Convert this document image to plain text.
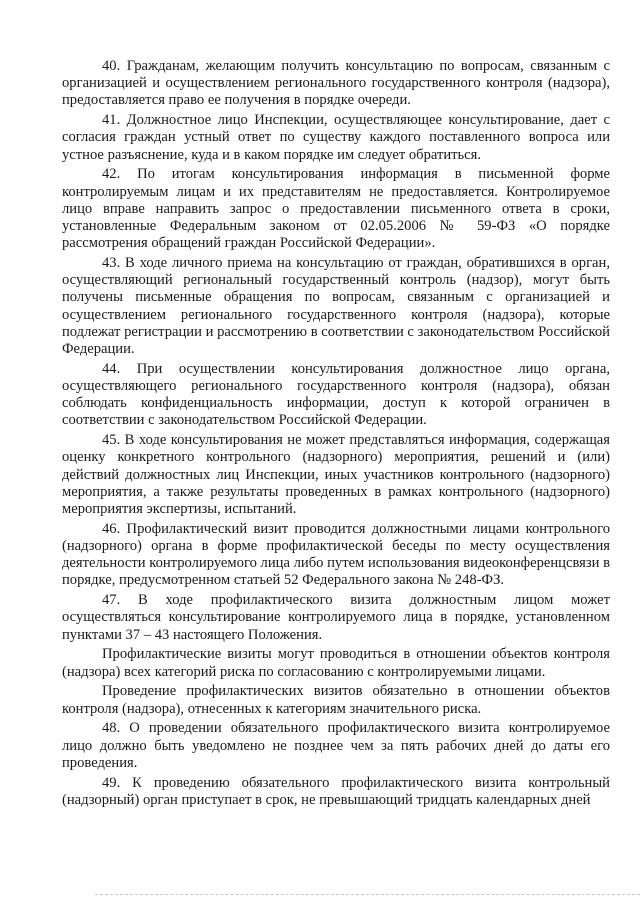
40. Гражданам, желающим получить консультацию по вопросам, связанным с организацией и осуществлением регионального государственного контроля (надзора), предоставляется право ее получения в порядке очереди.

41. Должностное лицо Инспекции, осуществляющее консультирование, дает с согласия граждан устный ответ по существу каждого поставленного вопроса или устное разъяснение, куда и в каком порядке им следует обратиться.

42. По итогам консультирования информация в письменной форме контролируемым лицам и их представителям не предоставляется. Контролируемое лицо вправе направить запрос о предоставлении письменного ответа в сроки, установленные Федеральным законом от 02.05.2006 № 59-ФЗ «О порядке рассмотрения обращений граждан Российской Федерации».

43. В ходе личного приема на консультацию от граждан, обратившихся в орган, осуществляющий региональный государственный контроль (надзор), могут быть получены письменные обращения по вопросам, связанным с организацией и осуществлением регионального государственного контроля (надзора), которые подлежат регистрации и рассмотрению в соответствии с законодательством Российской Федерации.

44. При осуществлении консультирования должностное лицо органа, осуществляющего регионального государственного контроля (надзора), обязан соблюдать конфиденциальность информации, доступ к которой ограничен в соответствии с законодательством Российской Федерации.

45. В ходе консультирования не может представляться информация, содержащая оценку конкретного контрольного (надзорного) мероприятия, решений и (или) действий должностных лиц Инспекции, иных участников контрольного (надзорного) мероприятия, а также результаты проведенных в рамках контрольного (надзорного) мероприятия экспертизы, испытаний.

46. Профилактический визит проводится должностными лицами контрольного (надзорного) органа в форме профилактической беседы по месту осуществления деятельности контролируемого лица либо путем использования видеоконференцсвязи в порядке, предусмотренном статьей 52 Федерального закона № 248-ФЗ.

47. В ходе профилактического визита должностным лицом может осуществляться консультирование контролируемого лица в порядке, установленном пунктами 37 – 43 настоящего Положения.

Профилактические визиты могут проводиться в отношении объектов контроля (надзора) всех категорий риска по согласованию с контролируемыми лицами.

Проведение профилактических визитов обязательно в отношении объектов контроля (надзора), отнесенных к категориям значительного риска.

48. О проведении обязательного профилактического визита контролируемое лицо должно быть уведомлено не позднее чем за пять рабочих дней до даты его проведения.

49. К проведению обязательного профилактического визита контрольный (надзорный) орган приступает в срок, не превышающий тридцать календарных дней
